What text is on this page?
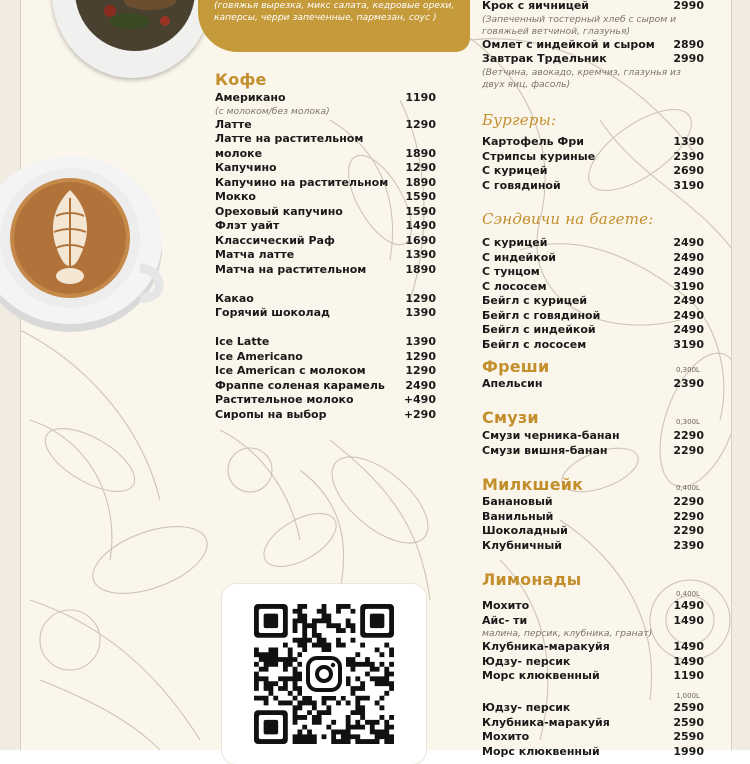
(говяжья вырезка, микс салата, кедровые орехи, каперсы, черри запеченные, пармезан, соус )
Кофе
Американо	1190
(с молоком/без молока)
Латте	1290
Латте на растительном
молоке	1890
Капучино	1290
Капучино на растительном 1890
Мокко	1590
Ореховый капучино	1590
Флэт уайт	1490
Классический Раф	1690
Матча латте	1390
Матча на растительном	1890
Какао	1290
Горячий шоколад	1390
Ice Latte	1390
Ice Americano	1290
Ice American с молоком	1290
Фраппе соленая карамель 2490
Растительное молоко	+490
Сиропы на выбор	+290
Крок с яичницей	2990
(Запеченный тостерный хлеб с сыром и
говяжьей ветчиной, глазунья)
Омлет с индейкой и сыром 2890
Завтрак Трдельник	2990
(Ветчина, авокадо, кремчиз, глазунья из
двух яиц, фасоль)
Бургеры:
Картофель Фри	1390
Стрипсы куриные	2390
С курицей	2690
С говядиной	3190
Сэндвичи на багете:
С курицей	2490
С индейкой	2490
С тунцом	2490
С лососем	3190
Бейгл с курицей	2490
Бейгл с говядиной	2490
Бейгл с индейкой	2490
Бейгл с лососем	3190
Фреши	0,300L
Апельсин	2390
Смузи	0,300L
Смузи черника-банан	2290
Смузи вишня-банан	2290
Милкшейк	0,400L
Банановый	2290
Ванильный	2290
Шоколадный	2290
Клубничный	2390
Лимонады
0,400L
Мохито	1490
Айс- ти	1490
малина, персик, клубника, гранат)
Клубника-маракуйя	1490
Юдзу- персик	1490
Морс клюквенный	1190
1,000L
Юдзу- персик	2590
Клубника-маракуйя	2590
Мохито	2590
Морс клюквенный	1990
